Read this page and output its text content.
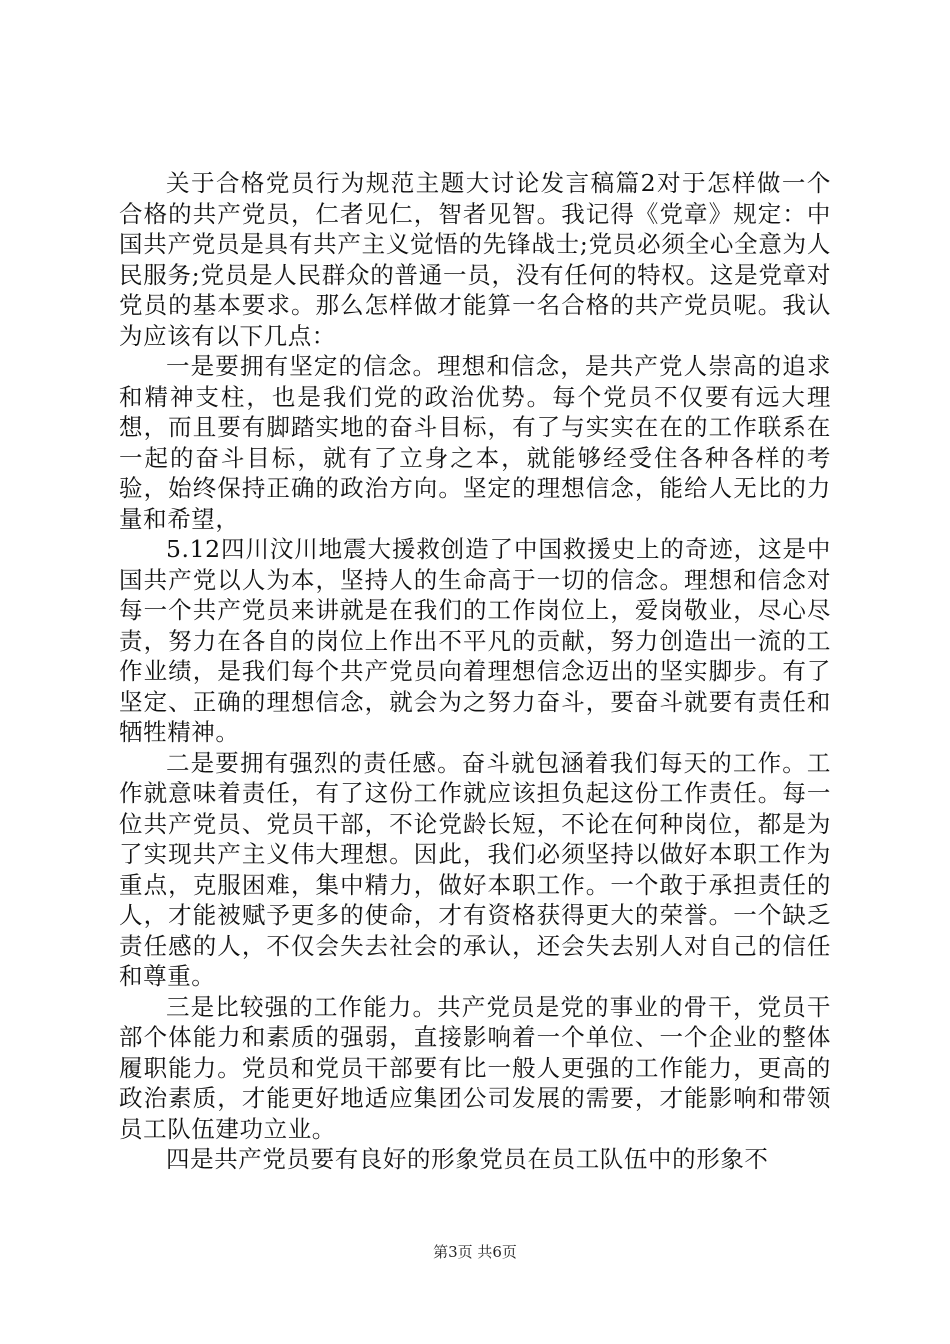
关于合格党员行为规范主题大讨论发言稿篇2对于怎样做一个合格的共产党员，仁者见仁，智者见智。我记得《党章》规定：中国共产党员是具有共产主义觉悟的先锋战士;党员必须全心全意为人民服务;党员是人民群众的普通一员，没有任何的特权。这是党章对党员的基本要求。那么怎样做才能算一名合格的共产党员呢。我认为应该有以下几点：

一是要拥有坚定的信念。理想和信念，是共产党人崇高的追求和精神支柱，也是我们党的政治优势。每个党员不仅要有远大理想，而且要有脚踏实地的奋斗目标，有了与实实在在的工作联系在一起的奋斗目标，就有了立身之本，就能够经受住各种各样的考验，始终保持正确的政治方向。坚定的理想信念，能给人无比的力量和希望，

5.12四川汶川地震大援救创造了中国救援史上的奇迹，这是中国共产党以人为本，坚持人的生命高于一切的信念。理想和信念对每一个共产党员来讲就是在我们的工作岗位上，爱岗敬业，尽心尽责，努力在各自的岗位上作出不平凡的贡献，努力创造出一流的工作业绩，是我们每个共产党员向着理想信念迈出的坚实脚步。有了坚定、正确的理想信念，就会为之努力奋斗，要奋斗就要有责任和牺牲精神。

二是要拥有强烈的责任感。奋斗就包涵着我们每天的工作。工作就意味着责任，有了这份工作就应该担负起这份工作责任。每一位共产党员、党员干部，不论党龄长短，不论在何种岗位，都是为了实现共产主义伟大理想。因此，我们必须坚持以做好本职工作为重点，克服困难，集中精力，做好本职工作。一个敢于承担责任的人，才能被赋予更多的使命，才有资格获得更大的荣誉。一个缺乏责任感的人，不仅会失去社会的承认，还会失去别人对自己的信任和尊重。

三是比较强的工作能力。共产党员是党的事业的骨干，党员干部个体能力和素质的强弱，直接影响着一个单位、一个企业的整体履职能力。党员和党员干部要有比一般人更强的工作能力，更高的政治素质，才能更好地适应集团公司发展的需要，才能影响和带领员工队伍建功立业。

四是共产党员要有良好的形象党员在员工队伍中的形象不

第3页 共6页
